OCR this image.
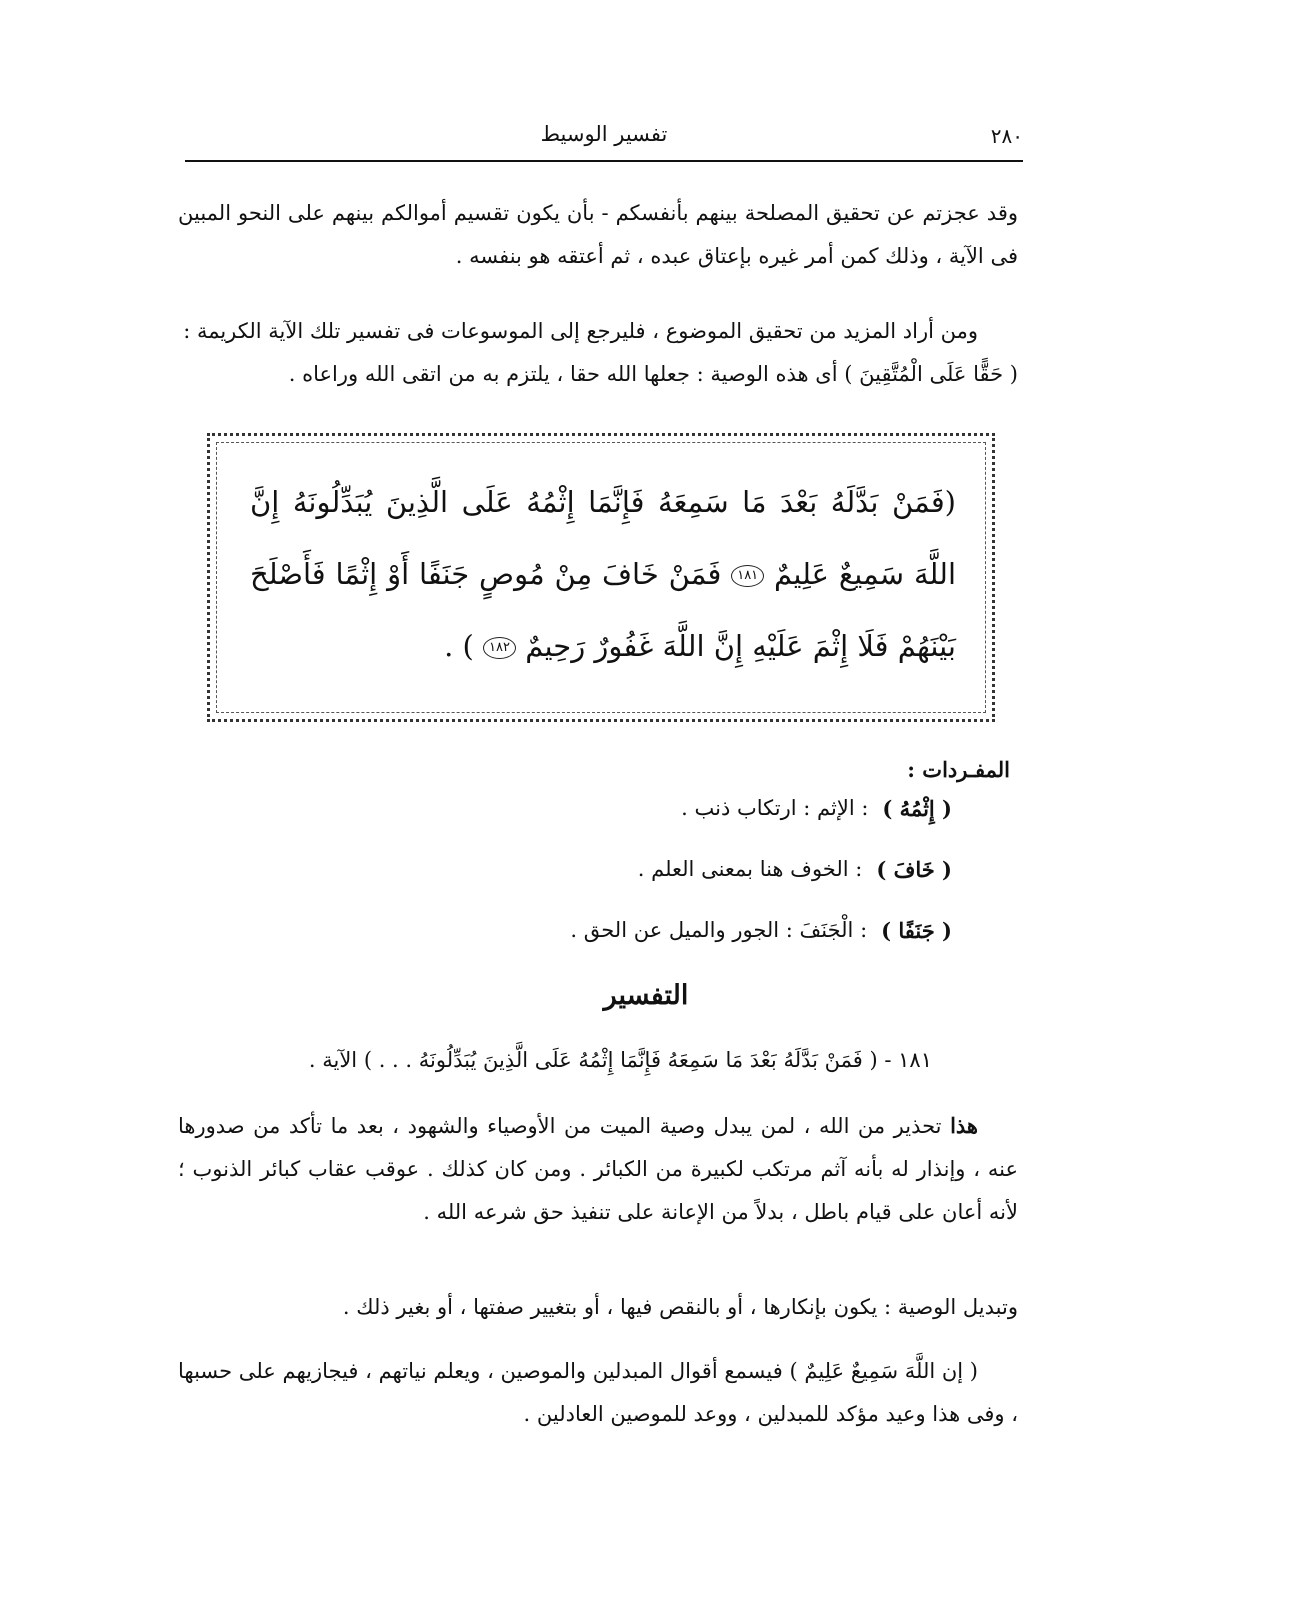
٢٨٠
تفسير الوسيط

وقد عجزتم عن تحقيق المصلحة بينهم بأنفسكم - بأن يكون تقسيم أموالكم بينهم على النحو المبين فى الآية ، وذلك كمن أمر غيره بإعتاق عبده ، ثم أعتقه هو بنفسه .

ومن أراد المزيد من تحقيق الموضوع ، فليرجع إلى الموسوعات فى تفسير تلك الآية الكريمة :

( حَقًّا عَلَى الْمُتَّقِينَ ) أى هذه الوصية : جعلها الله حقا ، يلتزم به من اتقى الله وراعاه .

(فَمَنْ بَدَّلَهُ بَعْدَ مَا سَمِعَهُ فَإِنَّمَا إِثْمُهُ عَلَى الَّذِينَ يُبَدِّلُونَهُ إِنَّ اللَّهَ سَمِيعٌ عَلِيمٌ ١٨١ فَمَنْ خَافَ مِنْ مُوصٍ جَنَفًا أَوْ إِثْمًا فَأَصْلَحَ بَيْنَهُمْ فَلَا إِثْمَ عَلَيْهِ إِنَّ اللَّهَ غَفُورٌ رَحِيمٌ ١٨٢ ) .

المفـردات :
( إِثْمُهُ )
: الإثم : ارتكاب ذنب .
( خَافَ )
: الخوف هنا بمعنى العلم .
( جَنَفًا )
: الْجَنَفَ : الجور والميل عن الحق .
التفسير
١٨١ - ( فَمَنْ بَدَّلَهُ بَعْدَ مَا سَمِعَهُ فَإِنَّمَا إِثْمُهُ عَلَى الَّذِينَ يُبَدِّلُونَهُ . . . ) الآية .

هذا تحذير من الله ، لمن يبدل وصية الميت من الأوصياء والشهود ، بعد ما تأكد من صدورها عنه ، وإنذار له بأنه آثم مرتكب لكبيرة من الكبائر . ومن كان كذلك . عوقب عقاب كبائر الذنوب ؛ لأنه أعان على قيام باطل ، بدلاً من الإعانة على تنفيذ حق شرعه الله .

وتبديل الوصية : يكون بإنكارها ، أو بالنقص فيها ، أو بتغيير صفتها ، أو بغير ذلك .

( إن اللَّهَ سَمِيعٌ عَلِيمٌ ) فيسمع أقوال المبدلين والموصين ، ويعلم نياتهم ، فيجازيهم على حسبها ، وفى هذا وعيد مؤكد للمبدلين ، ووعد للموصين العادلين .
